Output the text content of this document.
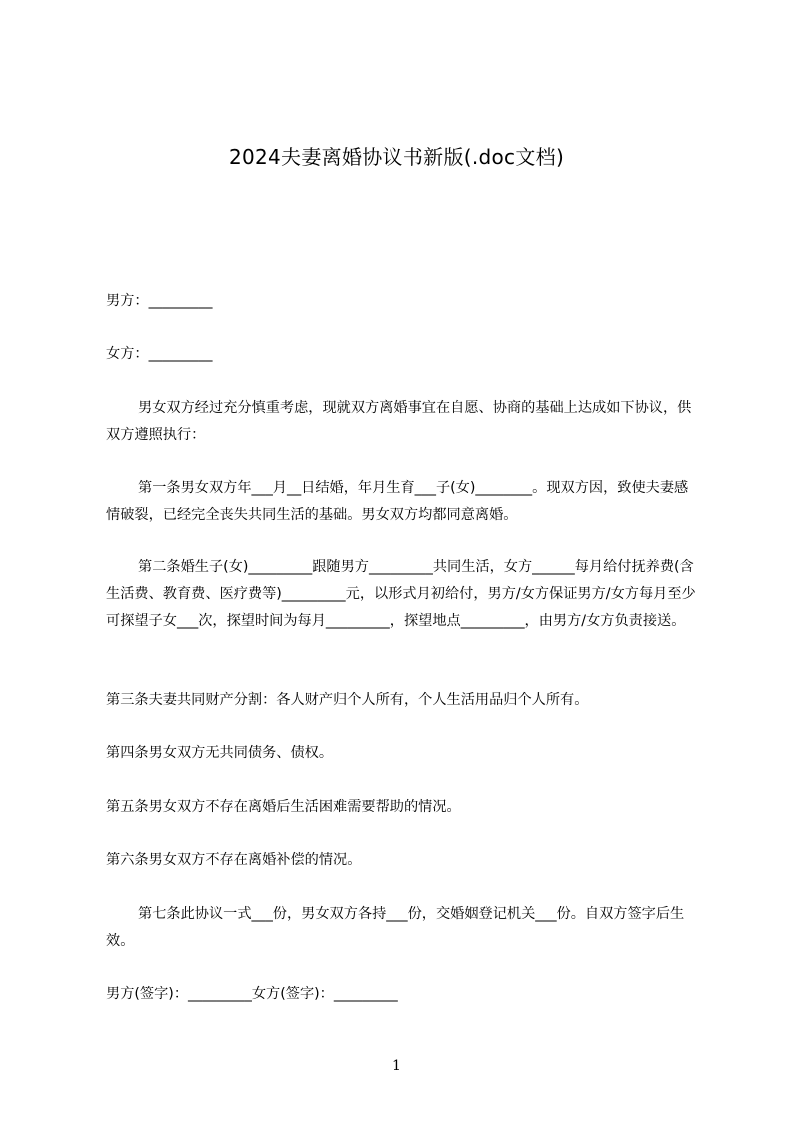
2024夫妻离婚协议书新版(.doc文档)

男方：_________

女方：_________

男女双方经过充分慎重考虑，现就双方离婚事宜在自愿、协商的基础上达成如下协议，供双方遵照执行：

第一条男女双方年___月__日结婚，年月生育___子(女)________。现双方因，致使夫妻感情破裂，已经完全丧失共同生活的基础。男女双方均都同意离婚。

第二条婚生子(女)_________跟随男方_________共同生活，女方______每月给付抚养费(含生活费、教育费、医疗费等)_________元，以形式月初给付，男方/女方保证男方/女方每月至少可探望子女___次，探望时间为每月_________，探望地点_________，由男方/女方负责接送。

第三条夫妻共同财产分割：各人财产归个人所有，个人生活用品归个人所有。

第四条男女双方无共同债务、债权。

第五条男女双方不存在离婚后生活困难需要帮助的情况。

第六条男女双方不存在离婚补偿的情况。

第七条此协议一式___份，男女双方各持___份，交婚姻登记机关___份。自双方签字后生效。

男方(签字)：_________女方(签字)：_________

1
